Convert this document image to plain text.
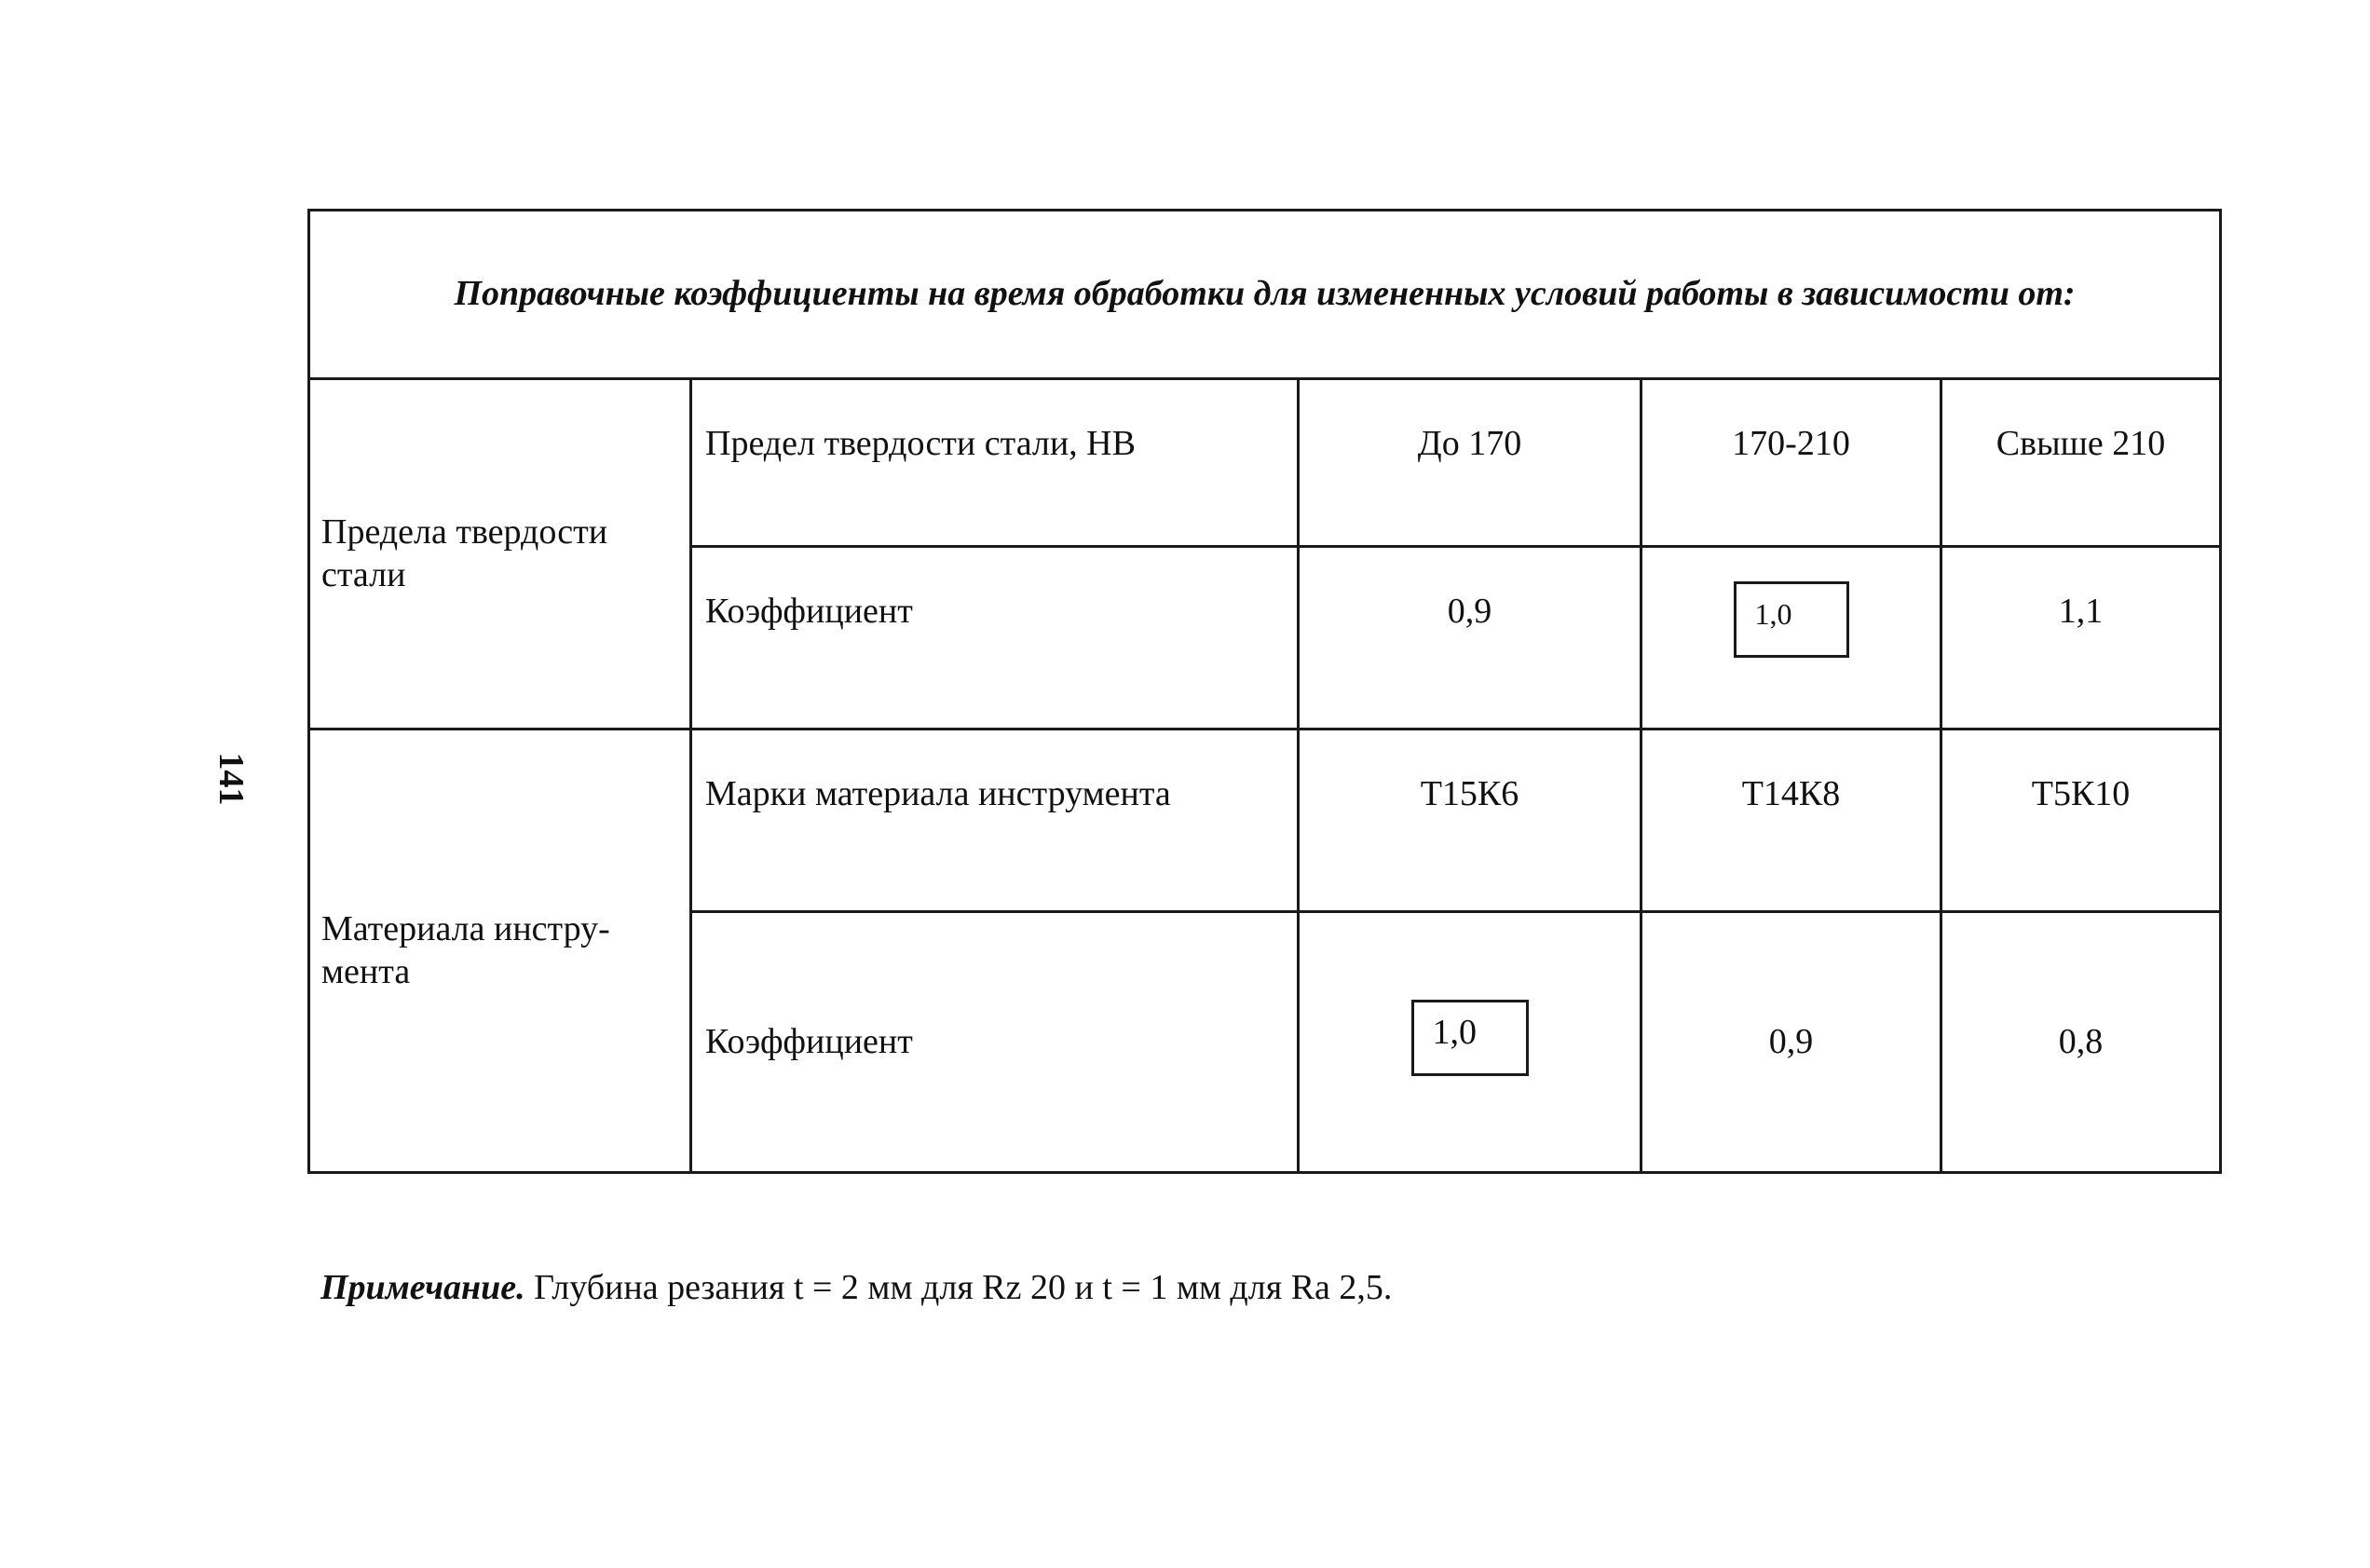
141
Поправочные коэффициенты на время обработки для измененных условий работы в зависимости от:				
Предела твердости стали	Предел твердости стали, НВ	До 170	170-210	Свыше 210
	Коэффициент	0,9	1,0	1,1
Материала инстру-мента	Марки материала инструмента	Т15К6	Т14К8	Т5К10
	Коэффициент	1,0	0,9	0,8
Примечание. Глубина резания t = 2 мм для Rz 20 и t = 1 мм для Ra 2,5.
